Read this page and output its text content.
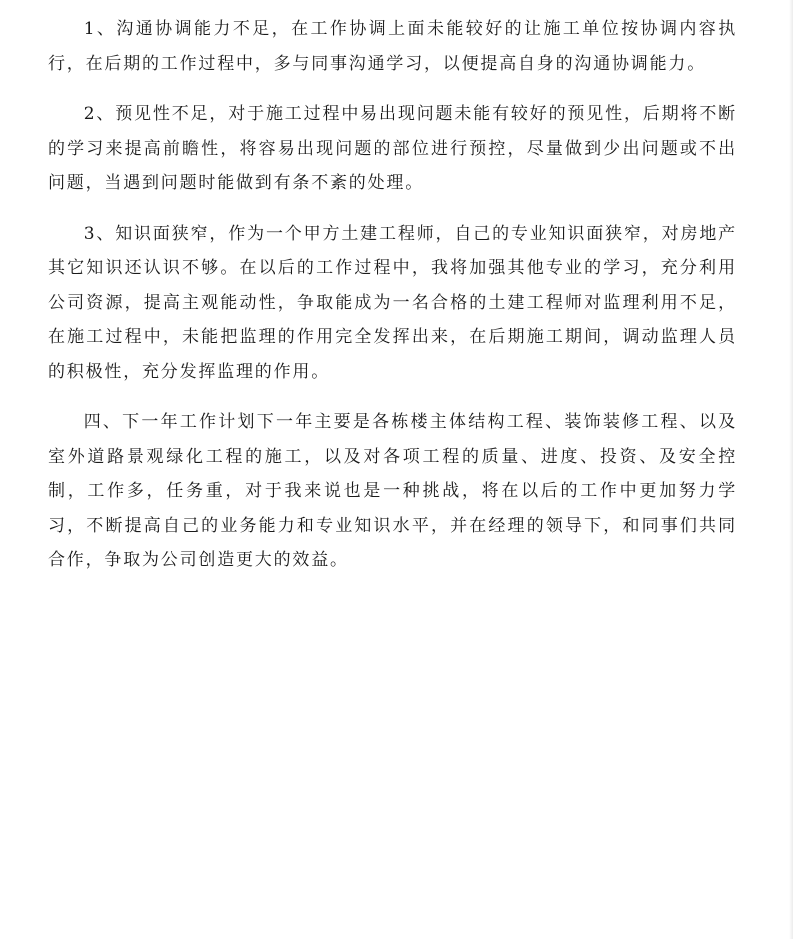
1、沟通协调能力不足，在工作协调上面未能较好的让施工单位按协调内容执行，在后期的工作过程中，多与同事沟通学习，以便提高自身的沟通协调能力。

2、预见性不足，对于施工过程中易出现问题未能有较好的预见性，后期将不断的学习来提高前瞻性，将容易出现问题的部位进行预控，尽量做到少出问题或不出问题，当遇到问题时能做到有条不紊的处理。

3、知识面狭窄，作为一个甲方土建工程师，自己的专业知识面狭窄，对房地产其它知识还认识不够。在以后的工作过程中，我将加强其他专业的学习，充分利用公司资源，提高主观能动性，争取能成为一名合格的土建工程师对监理利用不足，在施工过程中，未能把监理的作用完全发挥出来，在后期施工期间，调动监理人员的积极性，充分发挥监理的作用。

四、下一年工作计划下一年主要是各栋楼主体结构工程、装饰装修工程、以及室外道路景观绿化工程的施工，以及对各项工程的质量、进度、投资、及安全控制，工作多，任务重，对于我来说也是一种挑战，将在以后的工作中更加努力学习，不断提高自己的业务能力和专业知识水平，并在经理的领导下，和同事们共同合作，争取为公司创造更大的效益。
